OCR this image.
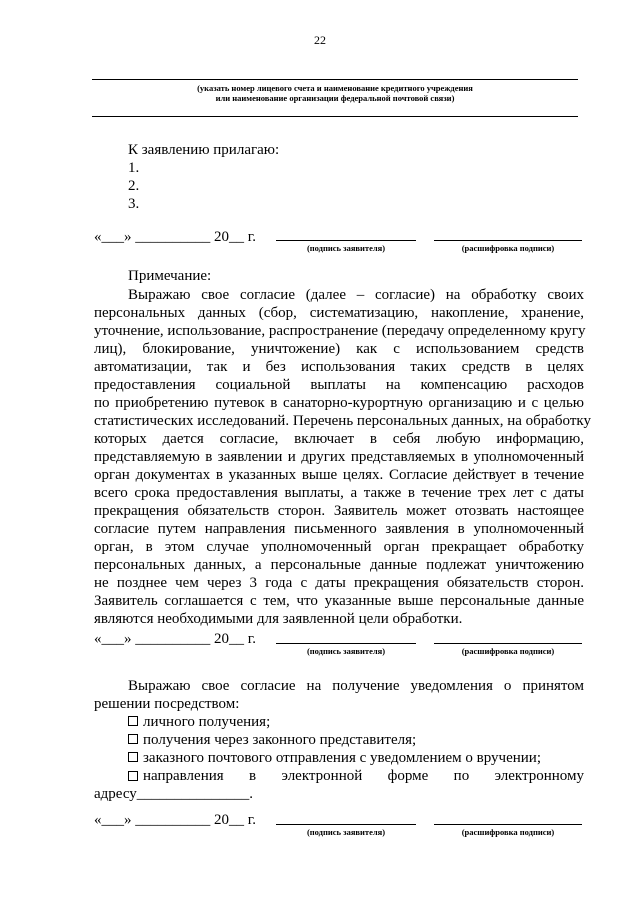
22
(указать номер лицевого счета и наименование кредитного учреждения
или наименование организации федеральной почтовой связи)
К заявлению прилагаю:
1.
2.
3.
«___» __________ 20__ г.
(подпись заявителя)	(расшифровка подписи)
Примечание:
Выражаю свое согласие (далее – согласие) на обработку своих
персональных данных (сбор, систематизацию, накопление, хранение,
уточнение, использование, распространение (передачу определенному кругу
лиц), блокирование, уничтожение) как с использованием средств
автоматизации, так и без использования таких средств в целях
предоставления социальной выплаты на компенсацию расходов
по приобретению путевок в санаторно-курортную организацию и с целью
статистических исследований. Перечень персональных данных, на обработку
которых дается согласие, включает в себя любую информацию,
представляемую в заявлении и других представляемых в уполномоченный
орган документах в указанных выше целях. Согласие действует в течение
всего срока предоставления выплаты, а также в течение трех лет с даты
прекращения обязательств сторон. Заявитель может отозвать настоящее
согласие путем направления письменного заявления в уполномоченный
орган, в этом случае уполномоченный орган прекращает обработку
персональных данных, а персональные данные подлежат уничтожению
не позднее чем через 3 года с даты прекращения обязательств сторон.
Заявитель соглашается с тем, что указанные выше персональные данные
являются необходимыми для заявленной цели обработки.
«___» __________ 20__ г.
(подпись заявителя)	(расшифровка подписи)
Выражаю свое согласие на получение уведомления о принятом
решении посредством:
личного получения;
получения через законного представителя;
заказного почтового отправления с уведомлением о вручении;
направления в электронной форме по электронному
адресу_______________.
«___» __________ 20__ г.
(подпись заявителя)	(расшифровка подписи)
